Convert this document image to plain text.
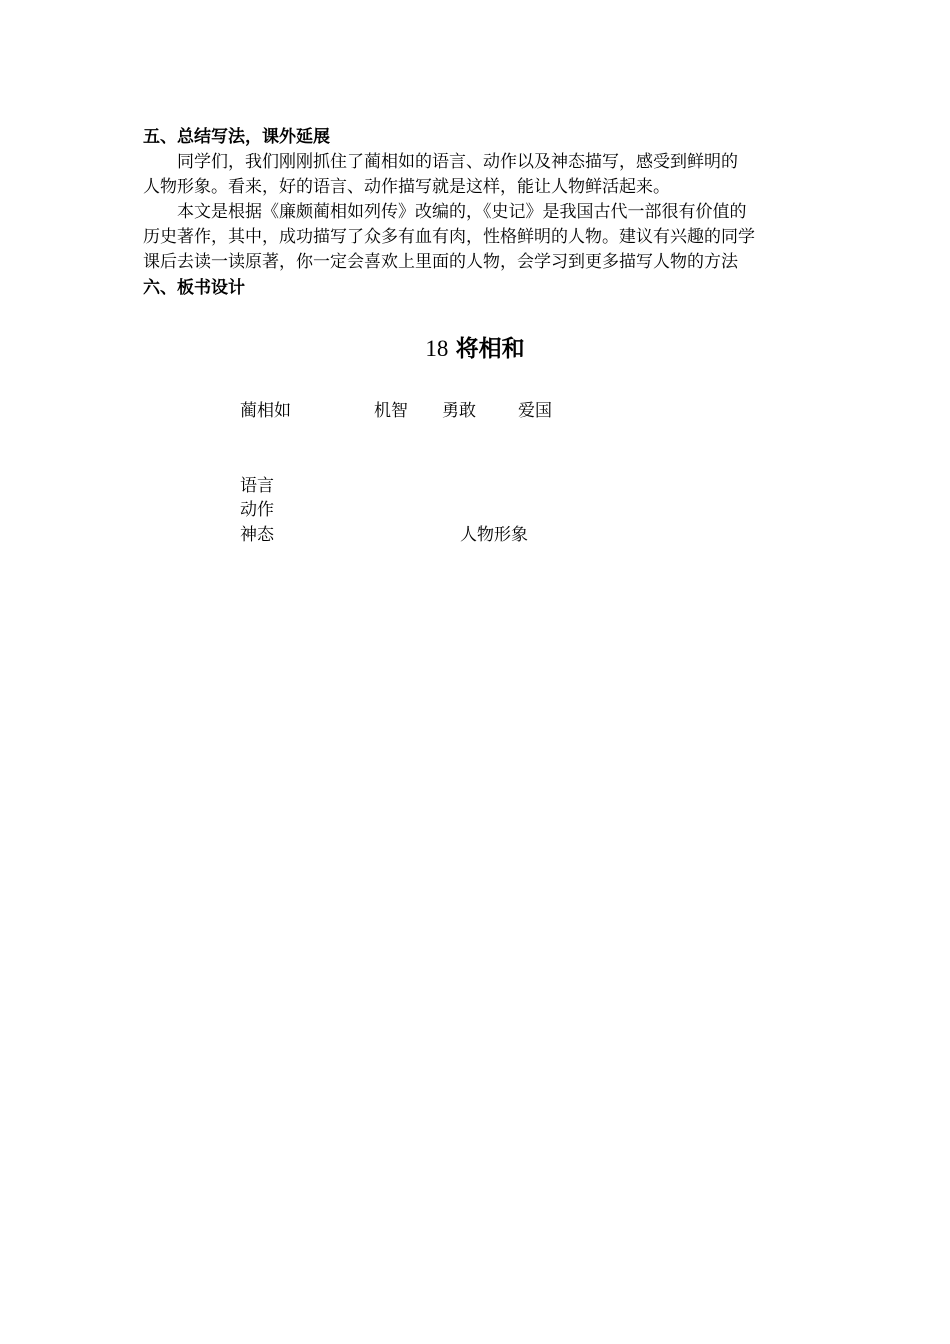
五、总结写法，课外延展
同学们，我们刚刚抓住了蔺相如的语言、动作以及神态描写，感受到鲜明的
人物形象。看来，好的语言、动作描写就是这样，能让人物鲜活起来。
本文是根据《廉颇蔺相如列传》改编的，《史记》是我国古代一部很有价值的
历史著作，其中，成功描写了众多有血有肉，性格鲜明的人物。建议有兴趣的同学
课后去读一读原著，你一定会喜欢上里面的人物，会学习到更多描写人物的方法
六、板书设计
18 将相和
蔺相如	机智 勇敢 爱国
语言
动作
神态	人物形象
